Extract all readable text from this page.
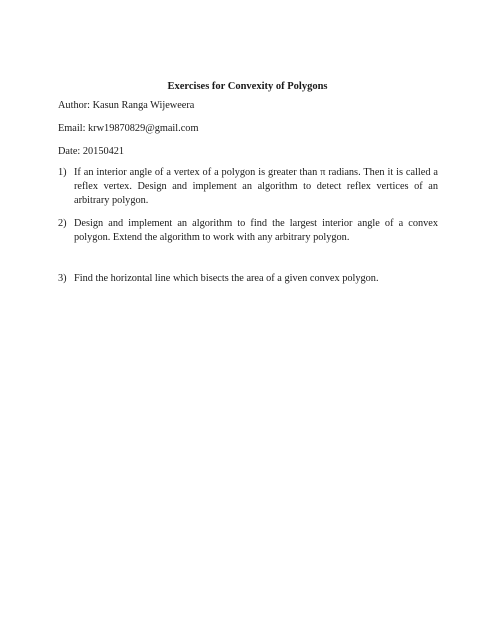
Exercises for Convexity of Polygons

Author: Kasun Ranga Wijeweera

Email: krw19870829@gmail.com

Date: 20150421

1) If an interior angle of a vertex of a polygon is greater than π radians. Then it is called a reflex vertex. Design and implement an algorithm to detect reflex vertices of an arbitrary polygon.
2) Design and implement an algorithm to find the largest interior angle of a convex polygon. Extend the algorithm to work with any arbitrary polygon.
3) Find the horizontal line which bisects the area of a given convex polygon.
